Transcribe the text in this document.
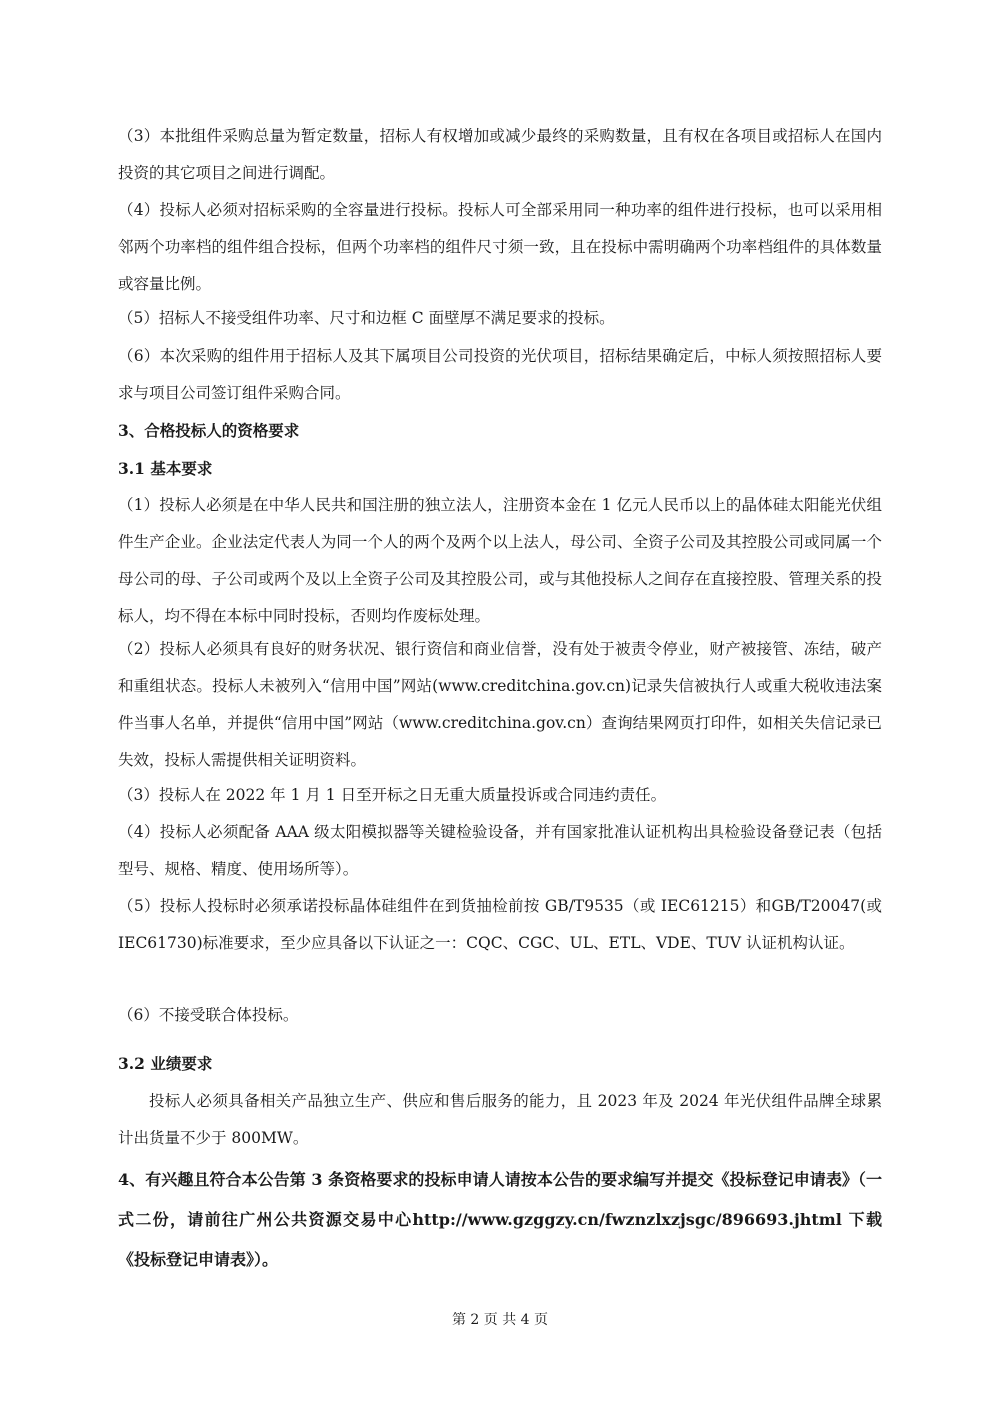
（3）本批组件采购总量为暂定数量，招标人有权增加或减少最终的采购数量，且有权在各项目或招标人在国内投资的其它项目之间进行调配。

（4）投标人必须对招标采购的全容量进行投标。投标人可全部采用同一种功率的组件进行投标，也可以采用相邻两个功率档的组件组合投标，但两个功率档的组件尺寸须一致，且在投标中需明确两个功率档组件的具体数量或容量比例。

（5）招标人不接受组件功率、尺寸和边框 C 面壁厚不满足要求的投标。

（6）本次采购的组件用于招标人及其下属项目公司投资的光伏项目，招标结果确定后，中标人须按照招标人要求与项目公司签订组件采购合同。

3、合格投标人的资格要求

3.1 基本要求

（1）投标人必须是在中华人民共和国注册的独立法人，注册资本金在 1 亿元人民币以上的晶体硅太阳能光伏组件生产企业。企业法定代表人为同一个人的两个及两个以上法人，母公司、全资子公司及其控股公司或同属一个母公司的母、子公司或两个及以上全资子公司及其控股公司，或与其他投标人之间存在直接控股、管理关系的投标人，均不得在本标中同时投标，否则均作废标处理。

（2）投标人必须具有良好的财务状况、银行资信和商业信誉，没有处于被责令停业，财产被接管、冻结，破产和重组状态。投标人未被列入“信用中国”网站(www.creditchina.gov.cn)记录失信被执行人或重大税收违法案件当事人名单，并提供“信用中国”网站（www.creditchina.gov.cn）查询结果网页打印件，如相关失信记录已失效，投标人需提供相关证明资料。

（3）投标人在 2022 年 1 月 1 日至开标之日无重大质量投诉或合同违约责任。

（4）投标人必须配备 AAA 级太阳模拟器等关键检验设备，并有国家批准认证机构出具检验设备登记表（包括型号、规格、精度、使用场所等）。

（5）投标人投标时必须承诺投标晶体硅组件在到货抽检前按 GB/T9535（或 IEC61215）和GB/T20047(或 IEC61730)标准要求，至少应具备以下认证之一：CQC、CGC、UL、ETL、VDE、TUV 认证机构认证。

（6）不接受联合体投标。

3.2 业绩要求

投标人必须具备相关产品独立生产、供应和售后服务的能力，且 2023 年及 2024 年光伏组件品牌全球累计出货量不少于 800MW。

4、有兴趣且符合本公告第 3 条资格要求的投标申请人请按本公告的要求编写并提交《投标登记申请表》（一式二份，请前往广州公共资源交易中心http://www.gzggzy.cn/fwznzlxzjsgc/896693.jhtml 下载《投标登记申请表》）。

第 2 页 共 4 页
